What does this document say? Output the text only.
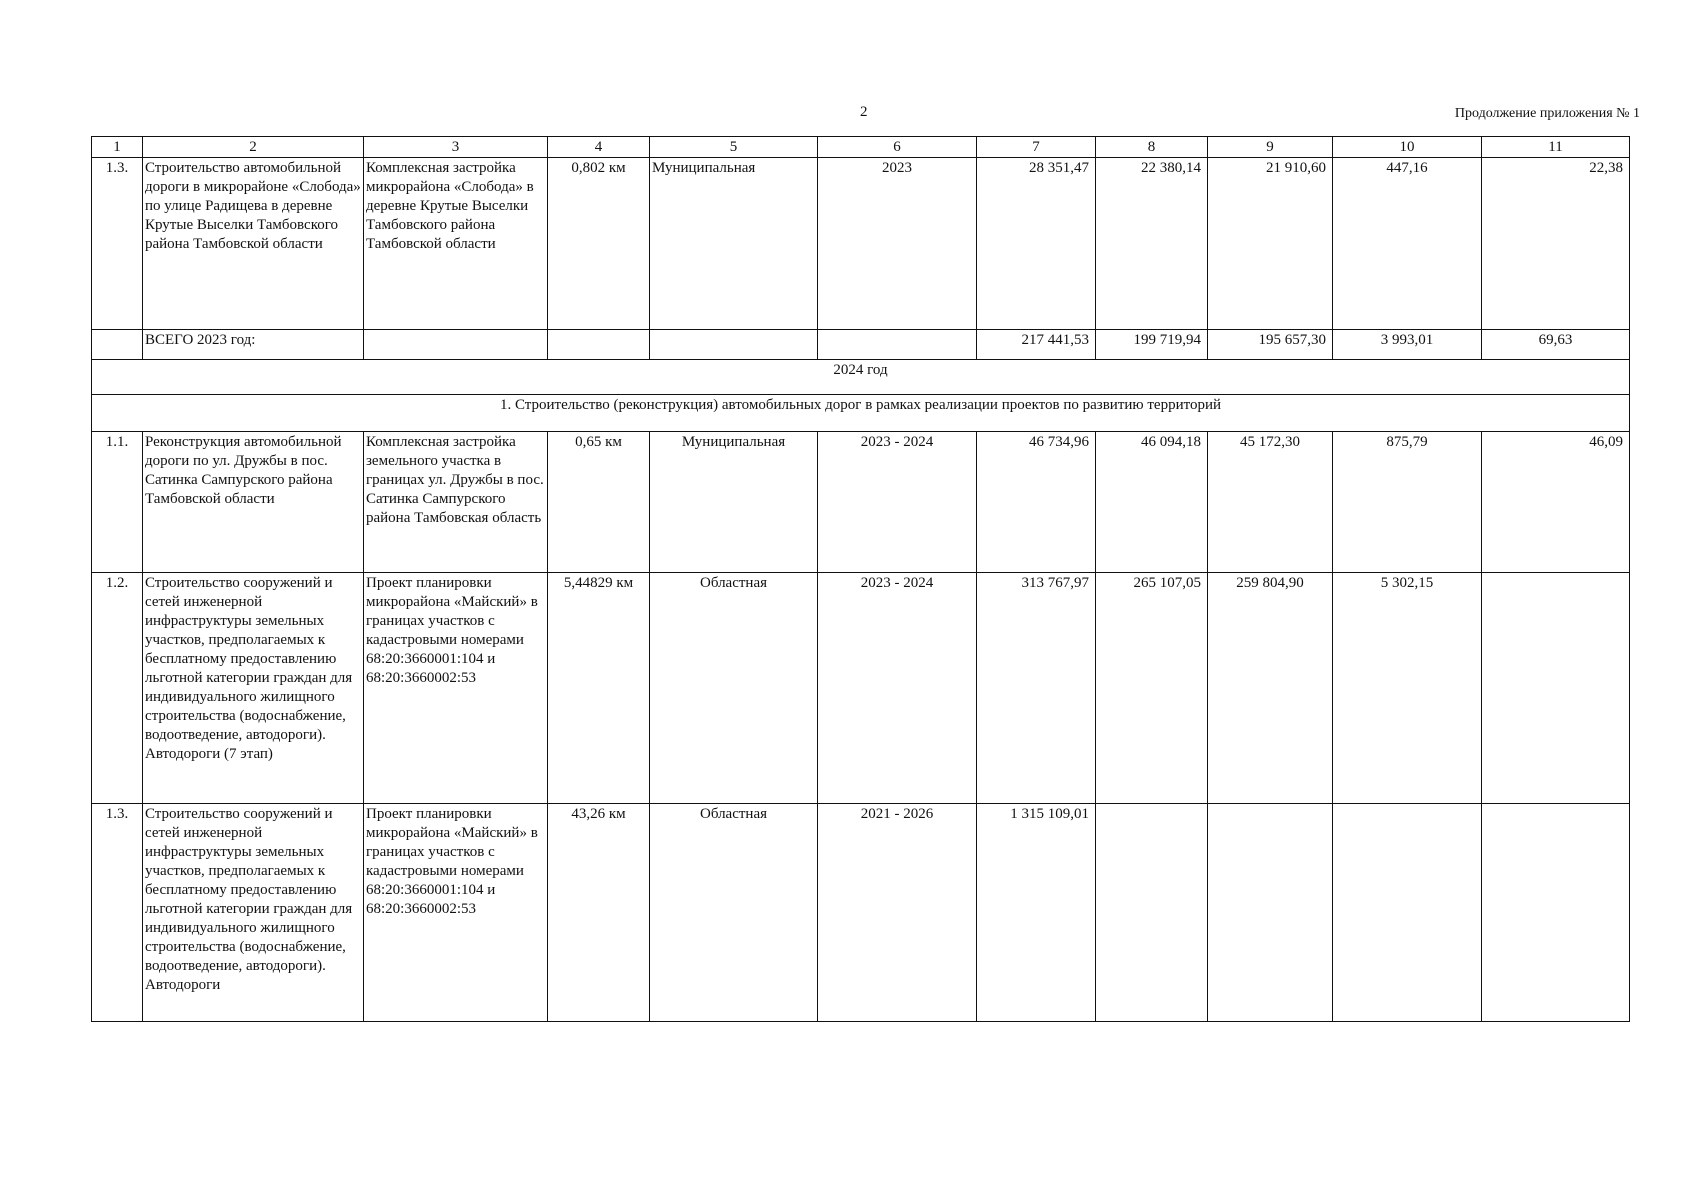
2	Продолжение приложения № 1
1	2	3	4	5	6	7	8	9	10	11
1.3.	Строительство автомобильной дороги в микрорайоне «Слобода» по улице Радищева в деревне Крутые Выселки Тамбовского района Тамбовской области	Комплексная застройка микрорайона «Слобода» в деревне Крутые Выселки Тамбовского района Тамбовской области	0,802 км	Муниципальная	2023	28 351,47	22 380,14	21 910,60	447,16	22,38
	ВСЕГО 2023 год:					217 441,53	199 719,94	195 657,30	3 993,01	69,63
2024 год										
1. Строительство (реконструкция) автомобильных дорог в рамках реализации проектов по развитию территорий										
1.1.	Реконструкция автомобильной дороги по ул. Дружбы в пос. Сатинка Сампурского района Тамбовской области	Комплексная застройка земельного участка в границах ул. Дружбы в пос. Сатинка Сампурского района Тамбовская область	0,65 км	Муниципальная	2023 - 2024	46 734,96	46 094,18	45 172,30	875,79	46,09
1.2.	Строительство сооружений и сетей инженерной инфраструктуры земельных участков, предполагаемых к бесплатному предоставлению льготной категории граждан для индивидуального жилищного строительства (водоснабжение, водоотведение, автодороги). Автодороги (7 этап)	Проект планировки микрорайона «Майский» в границах участков с кадастровыми номерами 68:20:3660001:104 и 68:20:3660002:53	5,44829 км	Областная	2023 - 2024	313 767,97	265 107,05	259 804,90	5 302,15	
1.3.	Строительство сооружений и сетей инженерной инфраструктуры земельных участков, предполагаемых к бесплатному предоставлению льготной категории граждан для индивидуального жилищного строительства (водоснабжение, водоотведение, автодороги). Автодороги	Проект планировки микрорайона «Майский» в границах участков с кадастровыми номерами 68:20:3660001:104 и 68:20:3660002:53	43,26 км	Областная	2021 - 2026	1 315 109,01				
